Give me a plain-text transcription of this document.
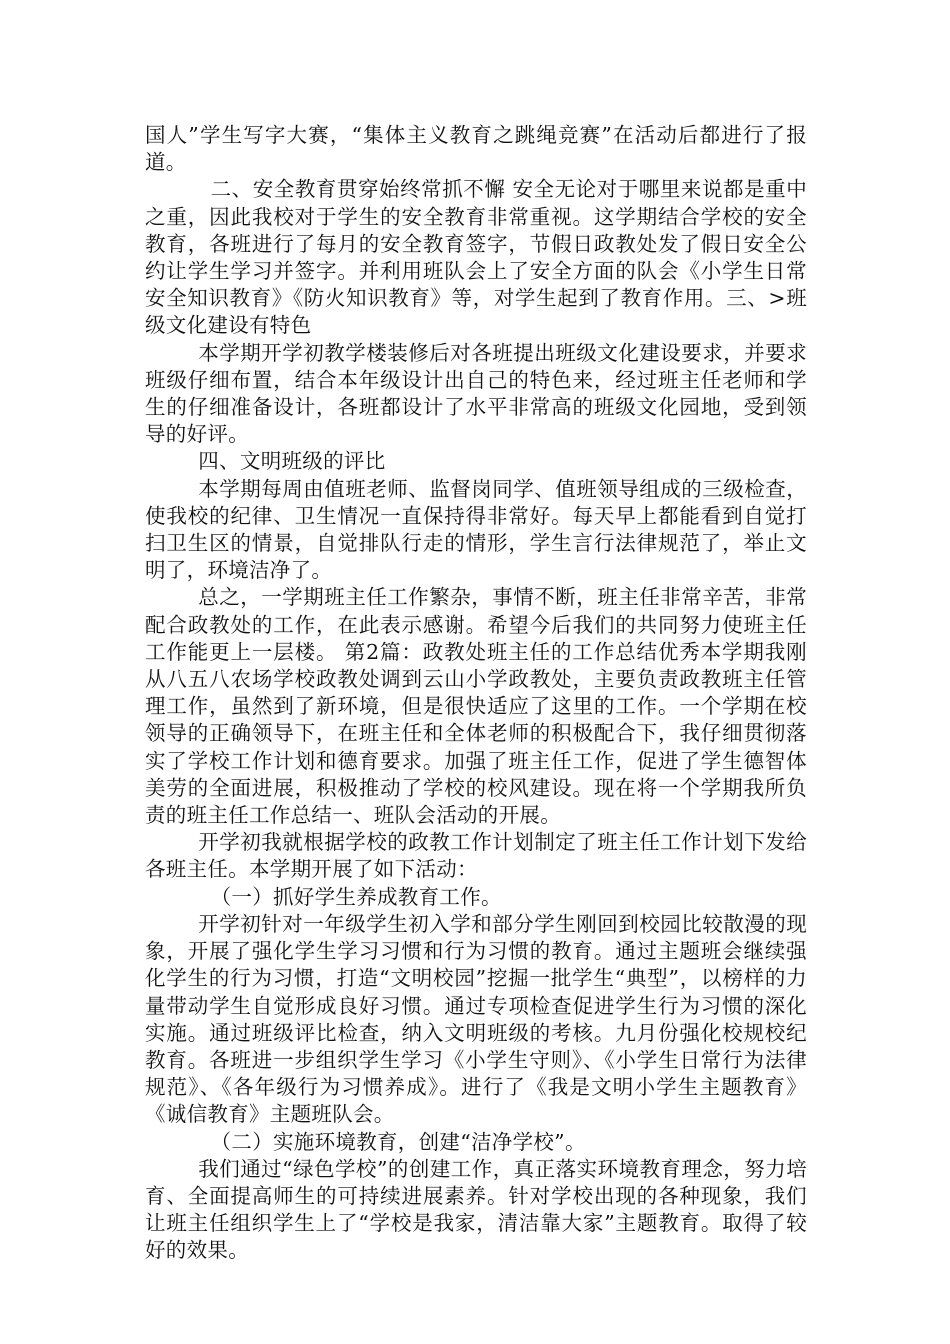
国人”学生写字大赛，“集体主义教育之跳绳竞赛”在活动后都进行了报道。

二、安全教育贯穿始终常抓不懈 安全无论对于哪里来说都是重中之重，因此我校对于学生的安全教育非常重视。这学期结合学校的安全教育，各班进行了每月的安全教育签字，节假日政教处发了假日安全公约让学生学习并签字。并利用班队会上了安全方面的队会《小学生日常安全知识教育》《防火知识教育》等，对学生起到了教育作用。三、>班级文化建设有特色

本学期开学初教学楼装修后对各班提出班级文化建设要求，并要求班级仔细布置，结合本年级设计出自己的特色来，经过班主任老师和学生的仔细准备设计，各班都设计了水平非常高的班级文化园地，受到领导的好评。

四、文明班级的评比

本学期每周由值班老师、监督岗同学、值班领导组成的三级检查，使我校的纪律、卫生情况一直保持得非常好。每天早上都能看到自觉打扫卫生区的情景，自觉排队行走的情形，学生言行法律规范了，举止文明了，环境洁净了。

总之，一学期班主任工作繁杂，事情不断，班主任非常辛苦，非常配合政教处的工作，在此表示感谢。希望今后我们的共同努力使班主任工作能更上一层楼。 第2篇：政教处班主任的工作总结优秀本学期我刚从八五八农场学校政教处调到云山小学政教处，主要负责政教班主任管理工作，虽然到了新环境，但是很快适应了这里的工作。一个学期在校领导的正确领导下，在班主任和全体老师的积极配合下，我仔细贯彻落实了学校工作计划和德育要求。加强了班主任工作，促进了学生德智体美劳的全面进展，积极推动了学校的校风建设。现在将一个学期我所负责的班主任工作总结一、班队会活动的开展。

开学初我就根据学校的政教工作计划制定了班主任工作计划下发给各班主任。本学期开展了如下活动：

（一）抓好学生养成教育工作。

开学初针对一年级学生初入学和部分学生刚回到校园比较散漫的现象，开展了强化学生学习习惯和行为习惯的教育。通过主题班会继续强化学生的行为习惯，打造“文明校园”挖掘一批学生“典型”，以榜样的力量带动学生自觉形成良好习惯。通过专项检查促进学生行为习惯的深化实施。通过班级评比检查，纳入文明班级的考核。九月份强化校规校纪教育。各班进一步组织学生学习《小学生守则》、《小学生日常行为法律规范》、《各年级行为习惯养成》。进行了《我是文明小学生主题教育》《诚信教育》主题班队会。

（二）实施环境教育，创建“洁净学校”。

我们通过“绿色学校”的创建工作，真正落实环境教育理念，努力培育、全面提高师生的可持续进展素养。针对学校出现的各种现象，我们让班主任组织学生上了“学校是我家，清洁靠大家”主题教育。取得了较好的效果。
